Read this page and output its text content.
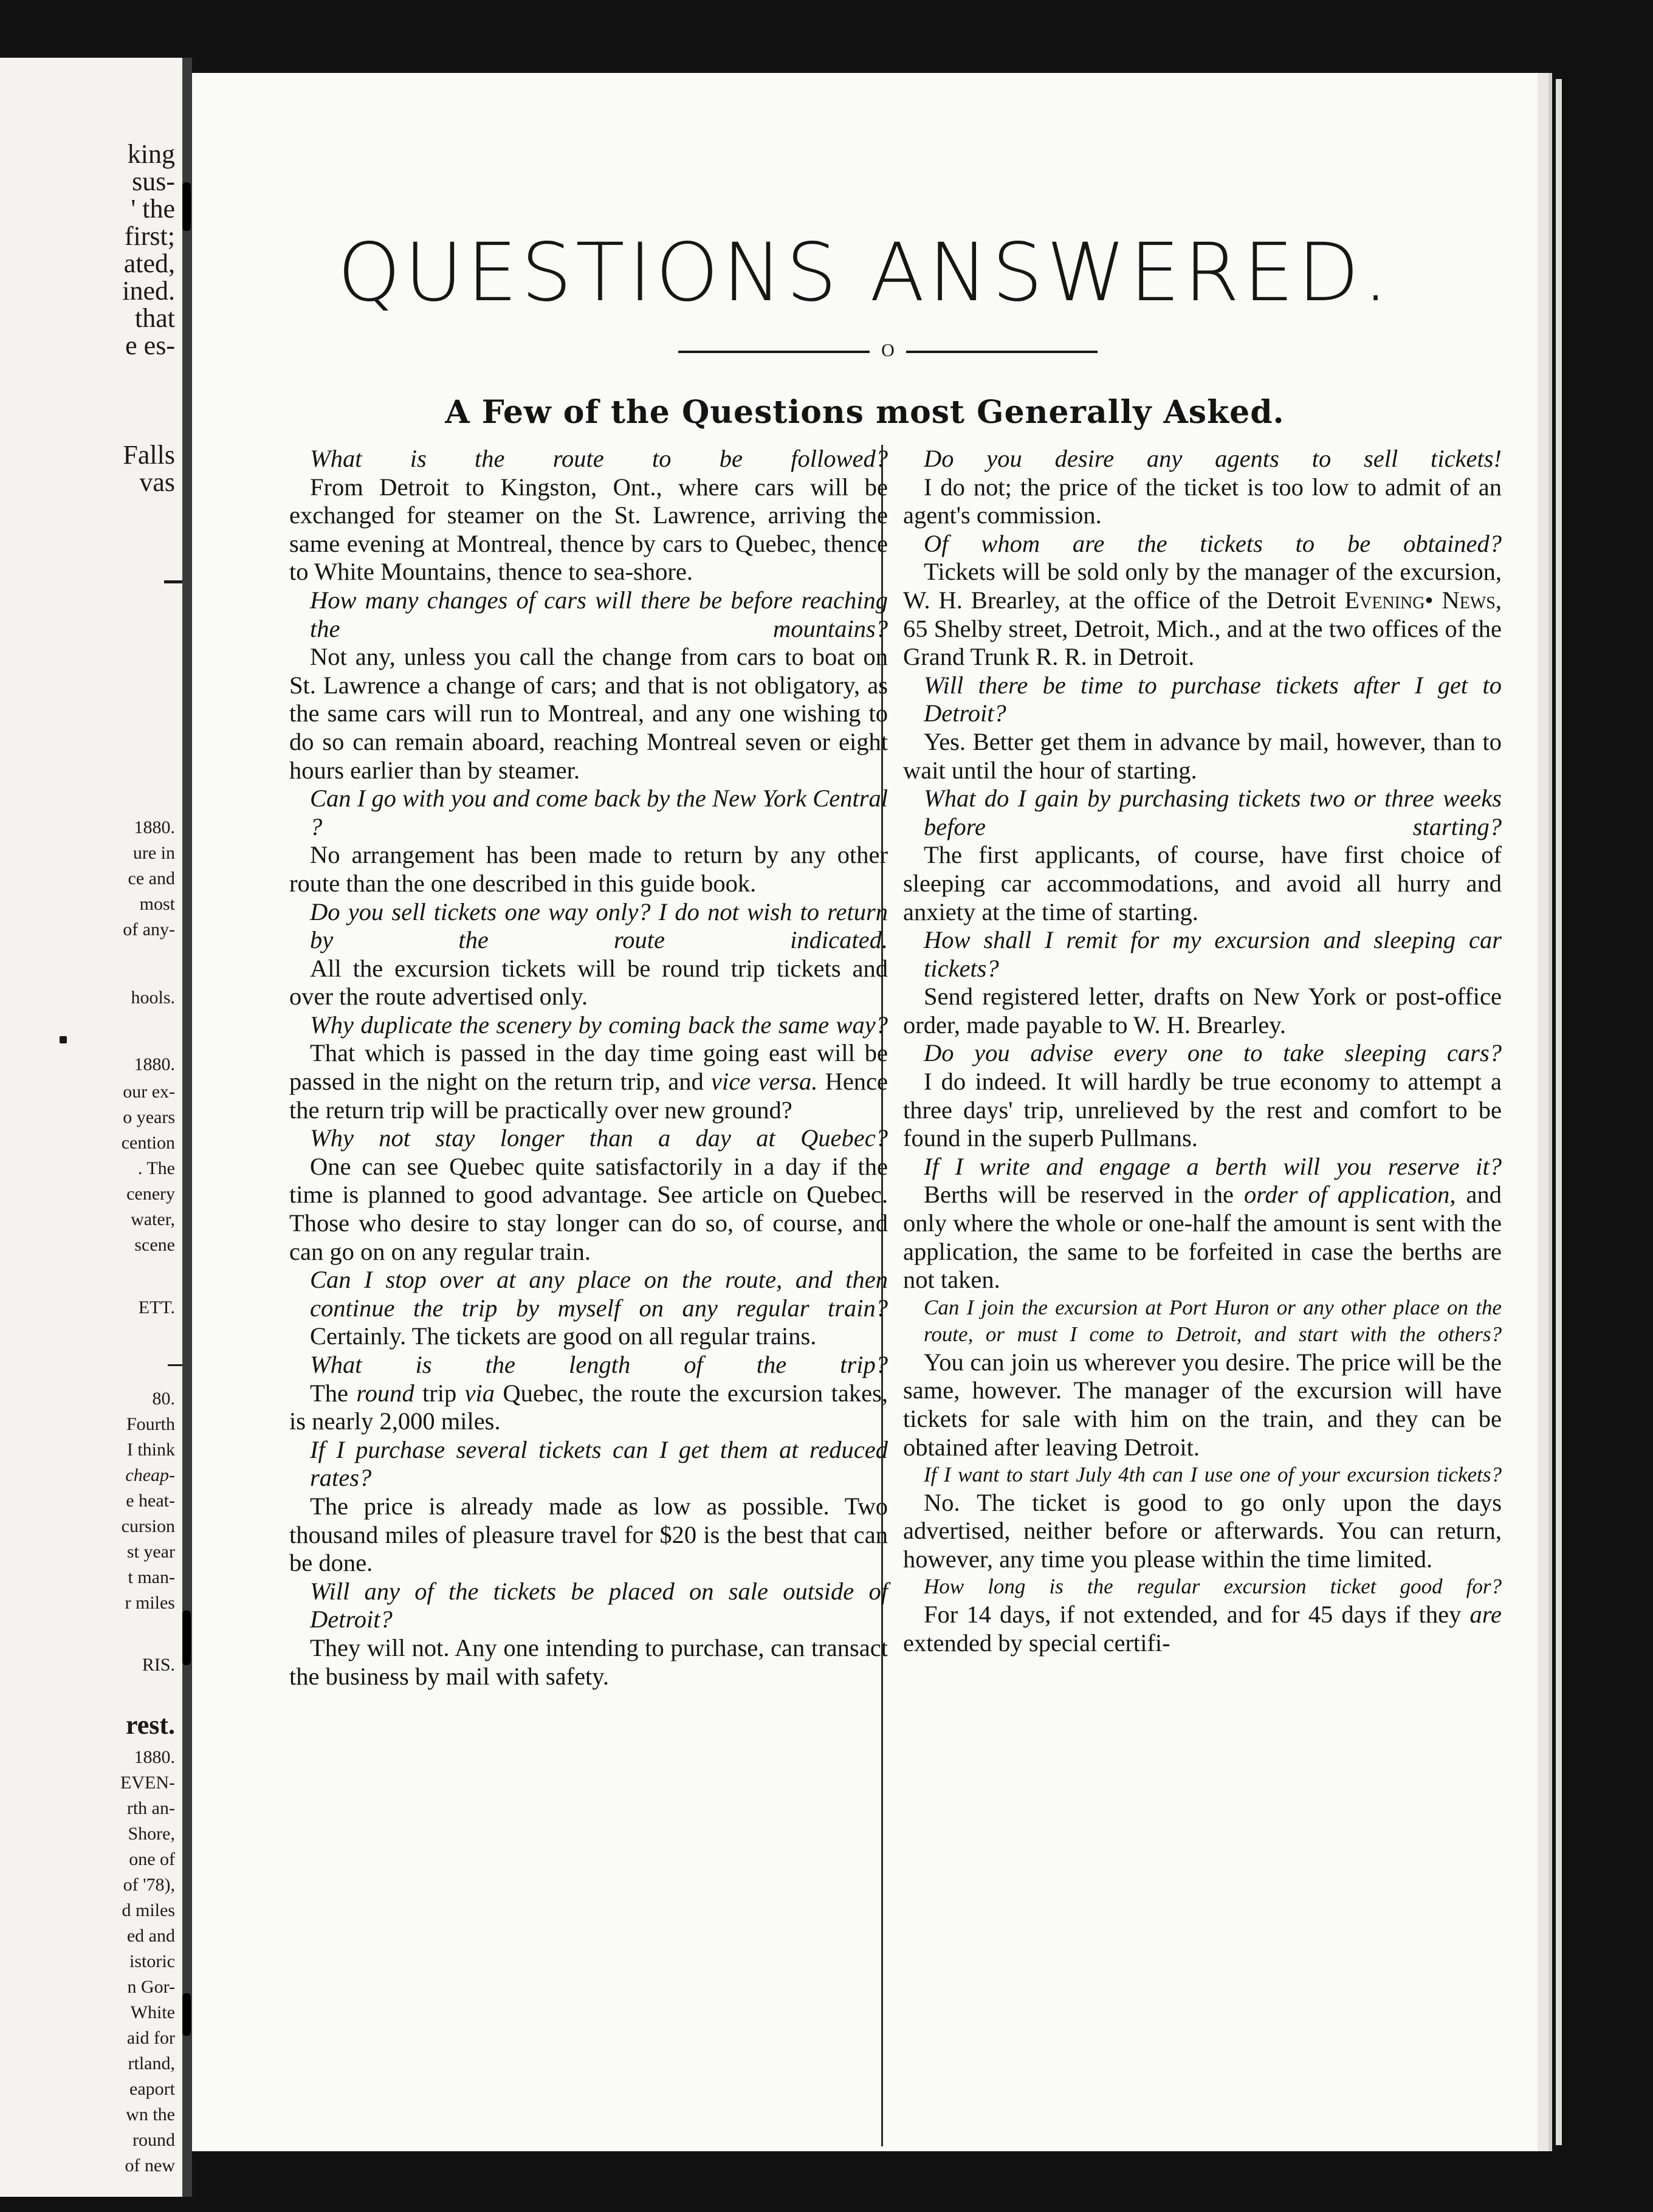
king
sus-
' the
first;
ated,
ined.
that
e es-
Falls
vas
1880.
ure in
ce and
most
of any-
hools.
1880.
our ex-
o years
cention
. The
cenery
water,
scene
ETT.
80.
Fourth
I think
cheap-
e heat-
cursion
st year
t man-
r miles
RIS.
rest.
1880.
EVEN-
rth an-
Shore,
one of
of '78),
d miles
ed and
istoric
n Gor-
White
aid for
rtland,
eaport
wn the
round
of new
QUESTIONS ANSWERED.
O
A Few of the Questions most Generally Asked.

What is the route to be followed?

From Detroit to Kingston, Ont., where cars will be exchanged for steamer on the St. Lawrence, arriving the same evening at Montreal, thence by cars to Quebec, thence to White Mountains, thence to sea-shore.

How many changes of cars will there be before reaching the mountains?

Not any, unless you call the change from cars to boat on St. Lawrence a change of cars; and that is not obligatory, as the same cars will run to Montreal, and any one wishing to do so can remain aboard, reaching Montreal seven or eight hours earlier than by steamer.

Can I go with you and come back by the New York Central ?

No arrangement has been made to return by any other route than the one described in this guide book.

Do you sell tickets one way only? I do not wish to return by the route indicated.

All the excursion tickets will be round trip tickets and over the route advertised only.

Why duplicate the scenery by coming back the same way?

That which is passed in the day time going east will be passed in the night on the return trip, and vice versa. Hence the return trip will be practically over new ground?

Why not stay longer than a day at Quebec?

One can see Quebec quite satisfactorily in a day if the time is planned to good advantage. See article on Quebec. Those who desire to stay longer can do so, of course, and can go on on any regular train.

Can I stop over at any place on the route, and then continue the trip by myself on any regular train?

Certainly. The tickets are good on all regular trains.

What is the length of the trip?

The round trip via Quebec, the route the excursion takes, is nearly 2,000 miles.

If I purchase several tickets can I get them at reduced rates?

The price is already made as low as possible. Two thousand miles of pleasure travel for $20 is the best that can be done.

Will any of the tickets be placed on sale outside of Detroit?

They will not. Any one intending to purchase, can transact the business by mail with safety.

Do you desire any agents to sell tickets!

I do not; the price of the ticket is too low to admit of an agent's commission.

Of whom are the tickets to be obtained?

Tickets will be sold only by the manager of the excursion, W. H. Brearley, at the office of the Detroit Evening• News, 65 Shelby street, Detroit, Mich., and at the two offices of the Grand Trunk R. R. in Detroit.

Will there be time to purchase tickets after I get to Detroit?

Yes. Better get them in advance by mail, however, than to wait until the hour of starting.

What do I gain by purchasing tickets two or three weeks before starting?

The first applicants, of course, have first choice of sleeping car accommodations, and avoid all hurry and anxiety at the time of starting.

How shall I remit for my excursion and sleeping car tickets?

Send registered letter, drafts on New York or post-office order, made payable to W. H. Brearley.

Do you advise every one to take sleeping cars?

I do indeed. It will hardly be true economy to attempt a three days' trip, unrelieved by the rest and comfort to be found in the superb Pullmans.

If I write and engage a berth will you reserve it?

Berths will be reserved in the order of application, and only where the whole or one-half the amount is sent with the application, the same to be forfeited in case the berths are not taken.

Can I join the excursion at Port Huron or any other place on the route, or must I come to Detroit, and start with the others?

You can join us wherever you desire. The price will be the same, however. The manager of the excursion will have tickets for sale with him on the train, and they can be obtained after leaving Detroit.

If I want to start July 4th can I use one of your excursion tickets?

No. The ticket is good to go only upon the days advertised, neither before or afterwards. You can return, however, any time you please within the time limited.

How long is the regular excursion ticket good for?

For 14 days, if not extended, and for 45 days if they are extended by special certifi-
